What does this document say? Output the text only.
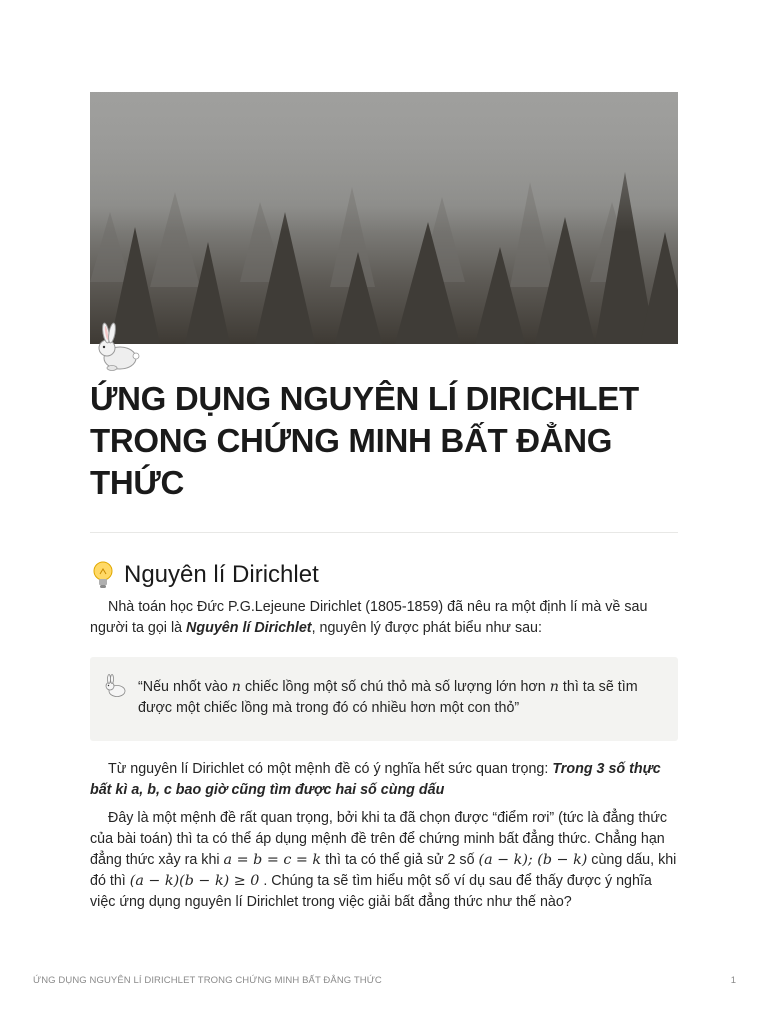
ỨNG DỤNG NGUYÊN LÍ DIRICHLET TRONG CHỨNG MINH BẤT ĐẲNG THỨC
Nguyên lí Dirichlet

Nhà toán học Đức P.G.Lejeune Dirichlet (1805-1859) đã nêu ra một định lí mà về sau người ta gọi là Nguyên lí Dirichlet, nguyên lý được phát biểu như sau:

“Nếu nhốt vào n chiếc lồng một số chú thỏ mà số lượng lớn hơn n thì ta sẽ tìm được một chiếc lồng mà trong đó có nhiều hơn một con thỏ”

Từ nguyên lí Dirichlet có một mệnh đề có ý nghĩa hết sức quan trọng: Trong 3 số thực bất kì a, b, c bao giờ cũng tìm được hai số cùng dấu

Đây là một mệnh đề rất quan trọng, bởi khi ta đã chọn được “điểm rơi” (tức là đẳng thức của bài toán) thì ta có thể áp dụng mệnh đề trên để chứng minh bất đẳng thức. Chẳng hạn đẳng thức xảy ra khi a = b = c = k thì ta có thể giả sử 2 số (a − k); (b − k) cùng dấu, khi đó thì (a − k)(b − k) ≥ 0 . Chúng ta sẽ tìm hiểu một số ví dụ sau để thấy được ý nghĩa việc ứng dụng nguyên lí Dirichlet trong việc giải bất đẳng thức như thế nào?

ỨNG DỤNG NGUYÊN LÍ DIRICHLET TRONG CHỨNG MINH BẤT ĐẲNG THỨC	1
